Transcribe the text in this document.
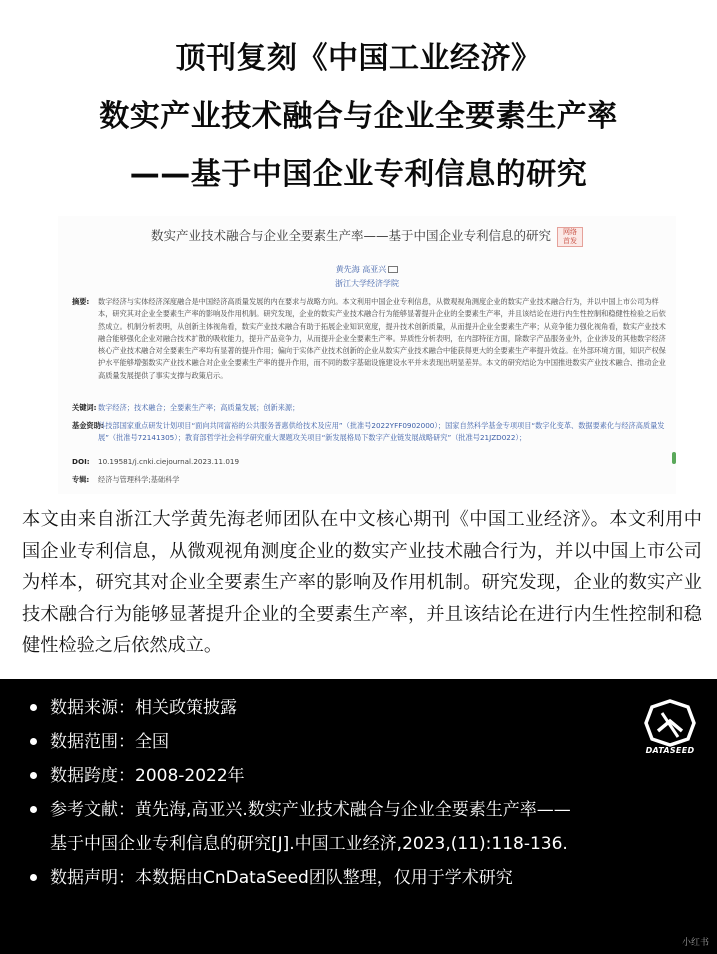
顶刊复刻《中国工业经济》
数实产业技术融合与企业全要素生产率
——基于中国企业专利信息的研究
数实产业技术融合与企业全要素生产率——基于中国企业专利信息的研究 网络首发
黄先海 高亚兴
浙江大学经济学院
摘要: 数字经济与实体经济深度融合是中国经济高质量发展的内在要求与战略方向。本文利用中国企业专利信息，从微观视角测度企业的数实产业技术融合行为，并以中国上市公司为样本，研究其对企业全要素生产率的影响及作用机制。研究发现，企业的数实产业技术融合行为能够显著提升企业的全要素生产率，并且该结论在进行内生性控制和稳健性检验之后依然成立。机制分析表明，从创新主体视角看，数实产业技术融合有助于拓展企业知识宽度，提升技术创新质量，从而提升企业全要素生产率；从竞争能力强化视角看，数实产业技术融合能够强化企业对融合技术扩散的吸收能力，提升产品竞争力，从而提升企业全要素生产率。异质性分析表明，在内部特征方面，除数字产品服务业外，企业涉及的其他数字经济核心产业技术融合对全要素生产率均有显著的提升作用；偏向于实体产业技术创新的企业从数实产业技术融合中能获得更大的全要素生产率提升效益。在外部环境方面，知识产权保护水平能够增强数实产业技术融合对企业全要素生产率的提升作用，而不同的数字基础设施建设水平并未表现出明显差异。本文的研究结论为中国推进数实产业技术融合、推动企业高质量发展提供了事实支撑与政策启示。
关键词: 数字经济；技术融合；全要素生产率；高质量发展；创新来源；
基金资助:
科技部国家重点研发计划项目“面向共同富裕的公共服务普惠供给技术及应用”（批准号2022YFF0902000）；国家自然科学基金专项项目“数字化变革、数据要素化与经济高质量发展”（批准号72141305）；教育部哲学社会科学研究重大课题攻关项目“新发展格局下数字产业链发展战略研究”（批准号21JZD022）；
DOI: 10.19581/j.cnki.ciejournal.2023.11.019
专辑: 经济与管理科学;基础科学
本文由来自浙江大学黄先海老师团队在中文核心期刊《中国工业经济》。本文利用中国企业专利信息，从微观视角测度企业的数实产业技术融合行为，并以中国上市公司为样本，研究其对企业全要素生产率的影响及作用机制。研究发现，企业的数实产业技术融合行为能够显著提升企业的全要素生产率，并且该结论在进行内生性控制和稳健性检验之后依然成立。
数据来源：相关政策披露
数据范围：全国
数据跨度：2008-2022年
参考文献：黄先海,高亚兴.数实产业技术融合与企业全要素生产率——
基于中国企业专利信息的研究[J].中国工业经济,2023,(11):118-136.
数据声明：本数据由CnDataSeed团队整理，仅用于学术研究
DATASEED
小红书
